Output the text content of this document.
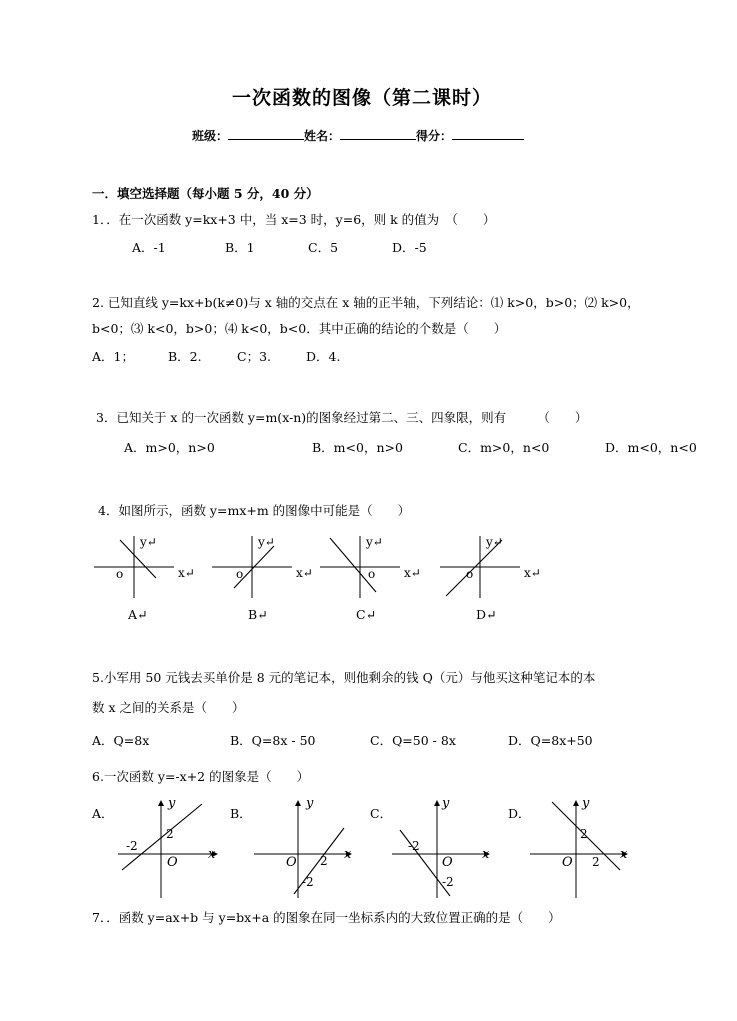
一次函数的图像（第二课时）
班级：	姓名：	得分：
一．填空选择题（每小题 5 分，40 分）
1．．在一次函数 y=kx+3 中，当 x=3 时，y=6，则 k 的值为　（　　）
A．-1	B．1	C．5	D．-5
2. 已知直线 y=kx+b(k≠0)与 x 轴的交点在 x 轴的正半轴，下列结论：⑴ k>0，b>0；⑵ k>0，
b<0；⑶ k<0，b>0；⑷ k<0，b<0．其中正确的结论的个数是（　　）
A．1；	B．2.	C；3.	D．4.
3．已知关于 x 的一次函数 y=m(x-n)的图象经过第二、三、四象限，则有　　　（　　）
A．m>0，n>0	B．m<0，n>0	C．m>0，n<0	D．m<0，n<0
4．如图所示，函数 y=mx+m 的图像中可能是（　　）
y↵
x↵
o
y↵
x↵
o
y↵
x↵
o
y↵
x↵
o
A↵	B↵	C↵	D↵
5.小军用 50 元钱去买单价是 8 元的笔记本，则他剩余的钱 Q（元）与他买这种笔记本的本
数 x 之间的关系是（　　）
A．Q=8x	B．Q=8x - 50	C．Q=50 - 8x	D．Q=8x+50
6.一次函数 y=-x+2 的图象是（　　）
A．	B．	C．	D．
y
x
O
-2
2
y
x
O 2
-2
y
x
O
-2
-2
y
x
O
2
2
7．．函数 y=ax+b 与 y=bx+a 的图象在同一坐标系内的大致位置正确的是（　　）
